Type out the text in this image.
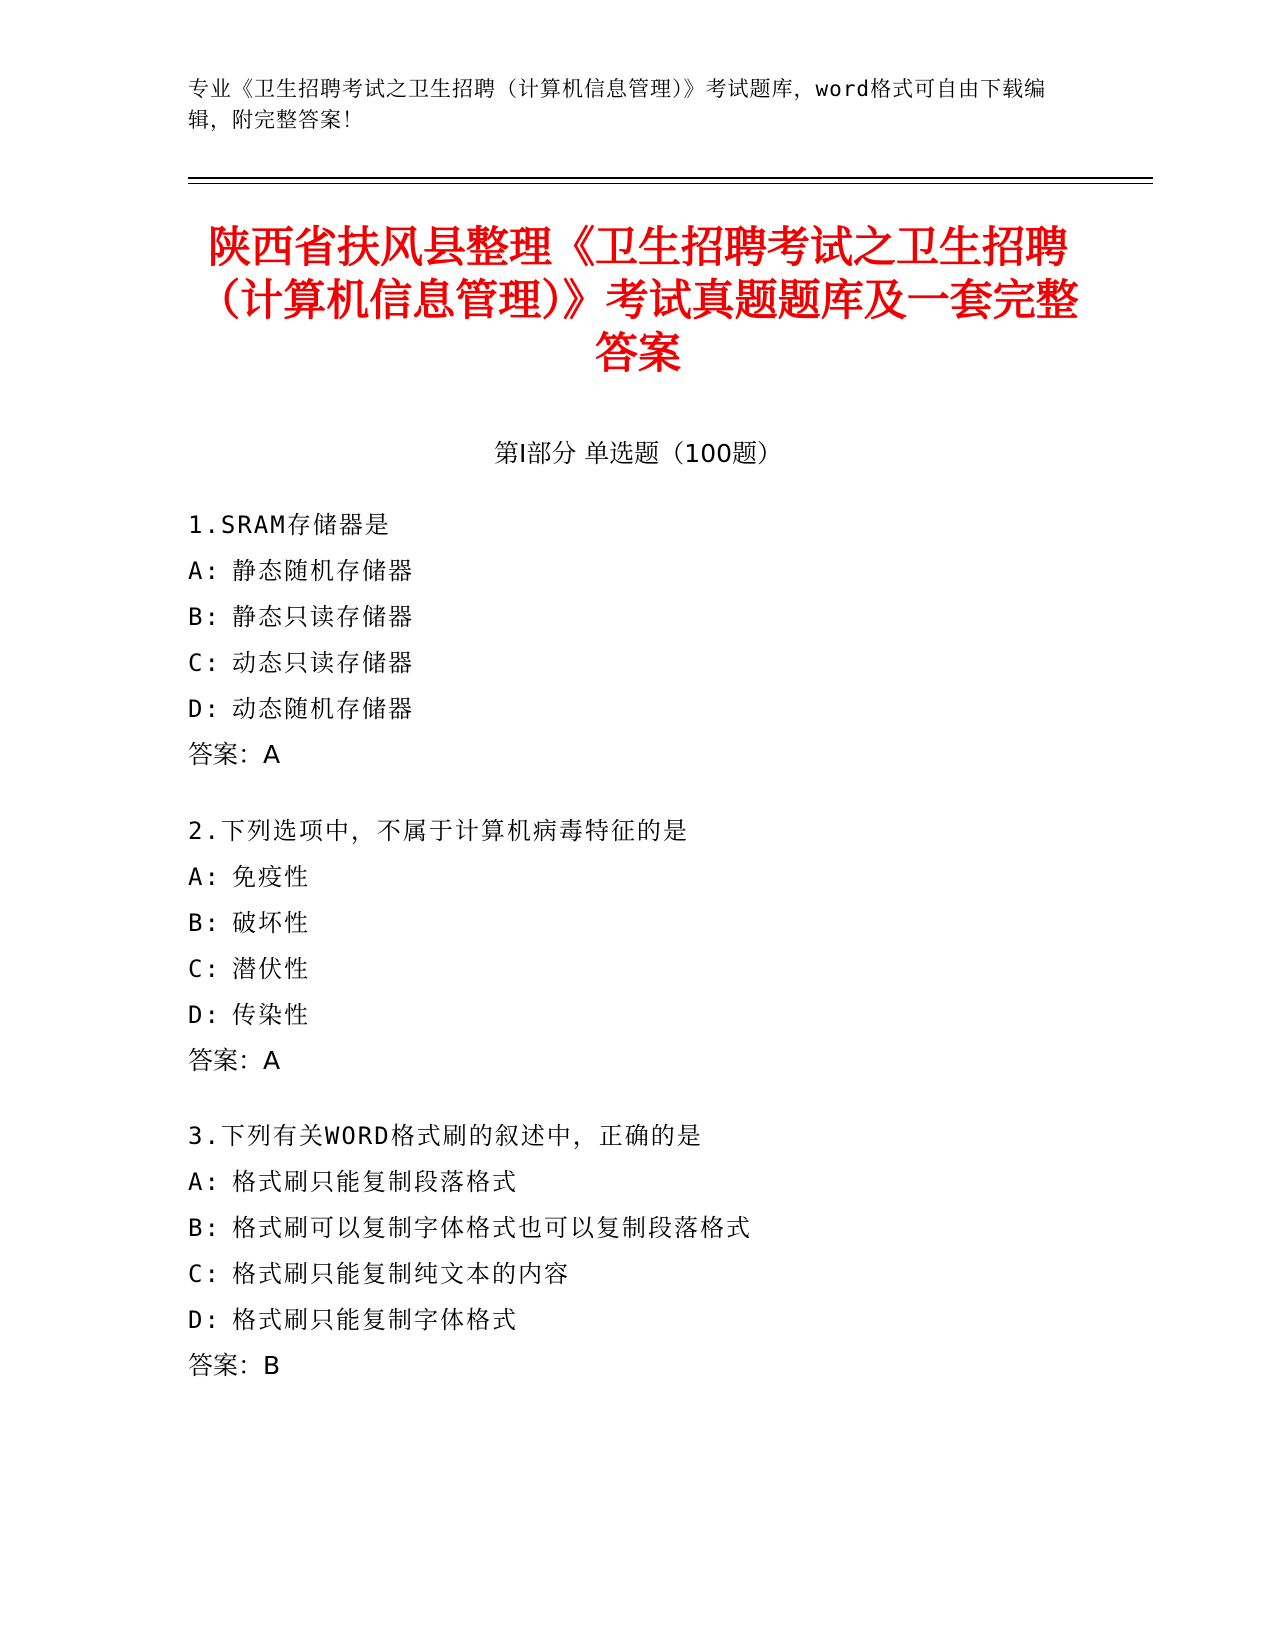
专业《卫生招聘考试之卫生招聘（计算机信息管理）》考试题库，word格式可自由下载编辑，附完整答案！
陕西省扶风县整理《卫生招聘考试之卫生招聘（计算机信息管理）》考试真题题库及一套完整答案
第I部分 单选题（100题）
1.SRAM存储器是
A: 静态随机存储器
B: 静态只读存储器
C: 动态只读存储器
D: 动态随机存储器
答案：A
2.下列选项中，不属于计算机病毒特征的是
A: 免疫性
B: 破坏性
C: 潜伏性
D: 传染性
答案：A
3.下列有关WORD格式刷的叙述中，正确的是
A: 格式刷只能复制段落格式
B: 格式刷可以复制字体格式也可以复制段落格式
C: 格式刷只能复制纯文本的内容
D: 格式刷只能复制字体格式
答案：B
